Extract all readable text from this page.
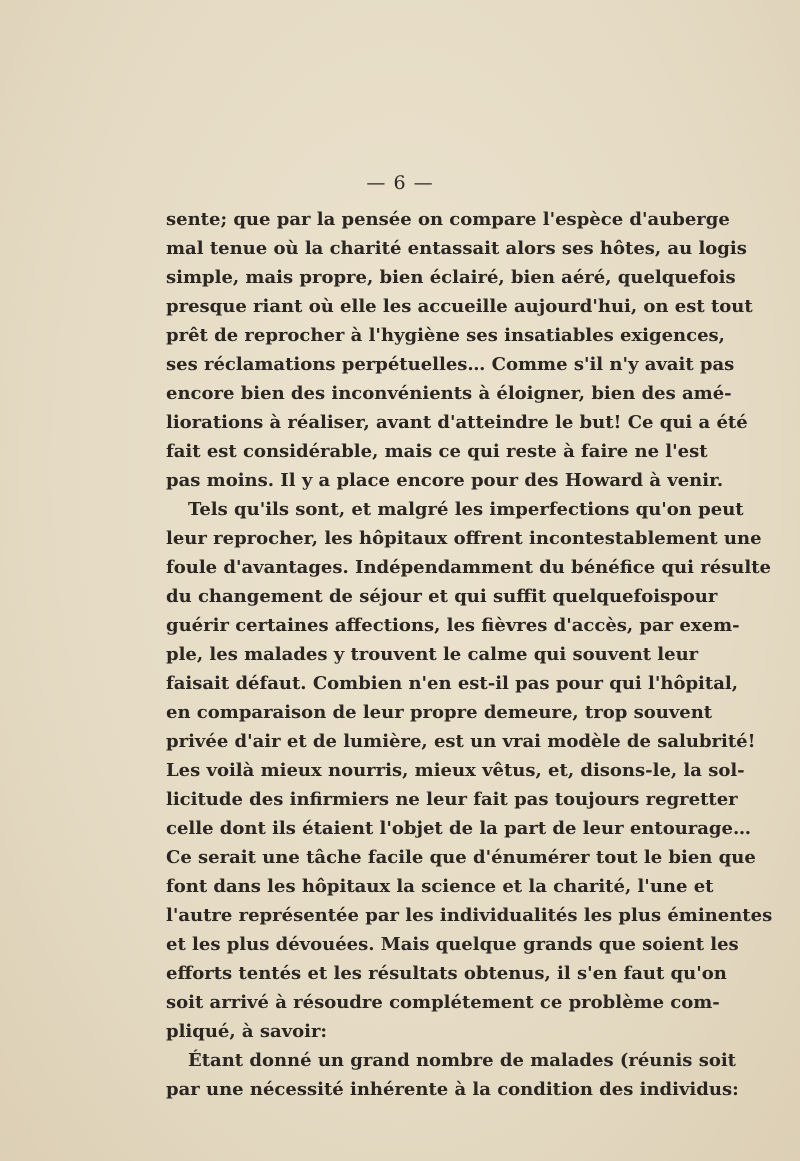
— 6 —
sente; que par la pensée on compare l'espèce d'auberge
mal tenue où la charité entassait alors ses hôtes, au logis
simple, mais propre, bien éclairé, bien aéré, quelquefois
presque riant où elle les accueille aujourd'hui, on est tout
prêt de reprocher à l'hygiène ses insatiables exigences,
ses réclamations perpétuelles… Comme s'il n'y avait pas
encore bien des inconvénients à éloigner, bien des amé-
liorations à réaliser, avant d'atteindre le but! Ce qui a été
fait est considérable, mais ce qui reste à faire ne l'est
pas moins. Il y a place encore pour des Howard à venir.
Tels qu'ils sont, et malgré les imperfections qu'on peut
leur reprocher, les hôpitaux offrent incontestablement une
foule d'avantages. Indépendamment du bénéfice qui résulte
du changement de séjour et qui suffit quelquefoispour
guérir certaines affections, les fièvres d'accès, par exem-
ple, les malades y trouvent le calme qui souvent leur
faisait défaut. Combien n'en est-il pas pour qui l'hôpital,
en comparaison de leur propre demeure, trop souvent
privée d'air et de lumière, est un vrai modèle de salubrité!
Les voilà mieux nourris, mieux vêtus, et, disons-le, la sol-
licitude des infirmiers ne leur fait pas toujours regretter
celle dont ils étaient l'objet de la part de leur entourage…
Ce serait une tâche facile que d'énumérer tout le bien que
font dans les hôpitaux la science et la charité, l'une et
l'autre représentée par les individualités les plus éminentes
et les plus dévouées. Mais quelque grands que soient les
efforts tentés et les résultats obtenus, il s'en faut qu'on
soit arrivé à résoudre complétement ce problème com-
pliqué, à savoir:
Étant donné un grand nombre de malades (réunis soit
par une nécessité inhérente à la condition des individus:
